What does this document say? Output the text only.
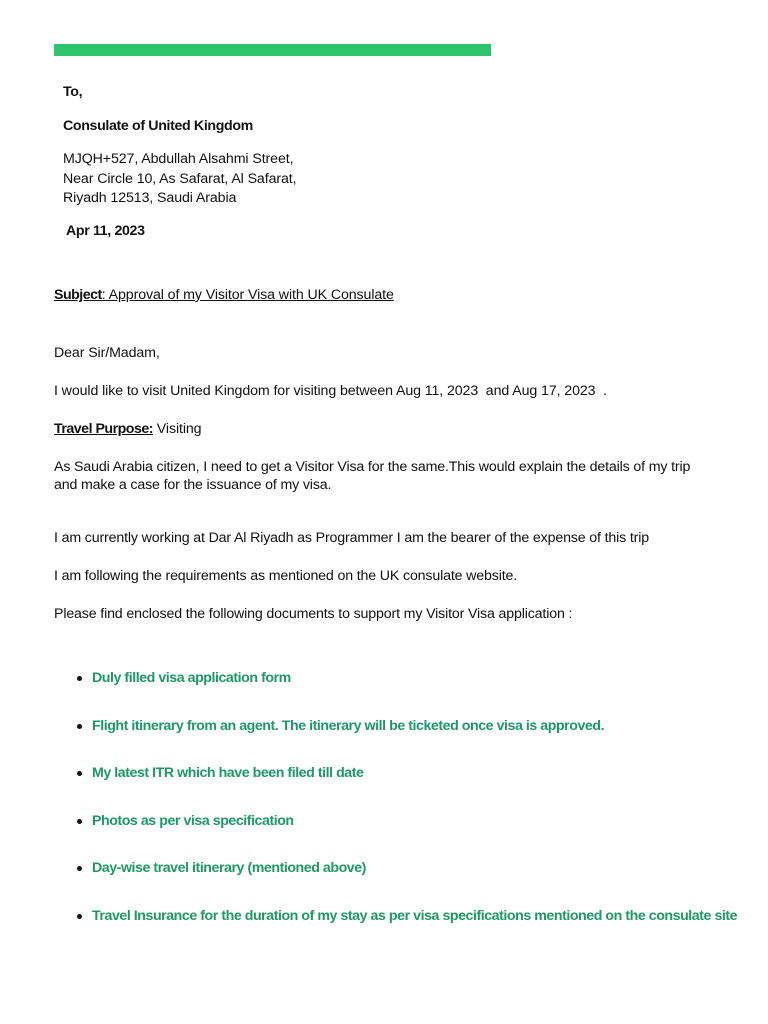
To,

Consulate of United Kingdom

MJQH+527, Abdullah Alsahmi Street,
Near Circle 10, As Safarat, Al Safarat,
Riyadh 12513, Saudi Arabia

Apr 11, 2023

Subject: Approval of my Visitor Visa with UK Consulate

Dear Sir/Madam,

I would like to visit United Kingdom for visiting between Aug 11, 2023  and Aug 17, 2023  .

Travel Purpose: Visiting

As Saudi Arabia citizen, I need to get a Visitor Visa for the same.This would explain the details of my trip and make a case for the issuance of my visa.

I am currently working at Dar Al Riyadh as Programmer I am the bearer of the expense of this trip

I am following the requirements as mentioned on the UK consulate website.

Please find enclosed the following documents to support my Visitor Visa application :

Duly filled visa application form
Flight itinerary from an agent. The itinerary will be ticketed once visa is approved.
My latest ITR which have been filed till date
Photos as per visa specification
Day-wise travel itinerary (mentioned above)
Travel Insurance for the duration of my stay as per visa specifications mentioned on the consulate site
